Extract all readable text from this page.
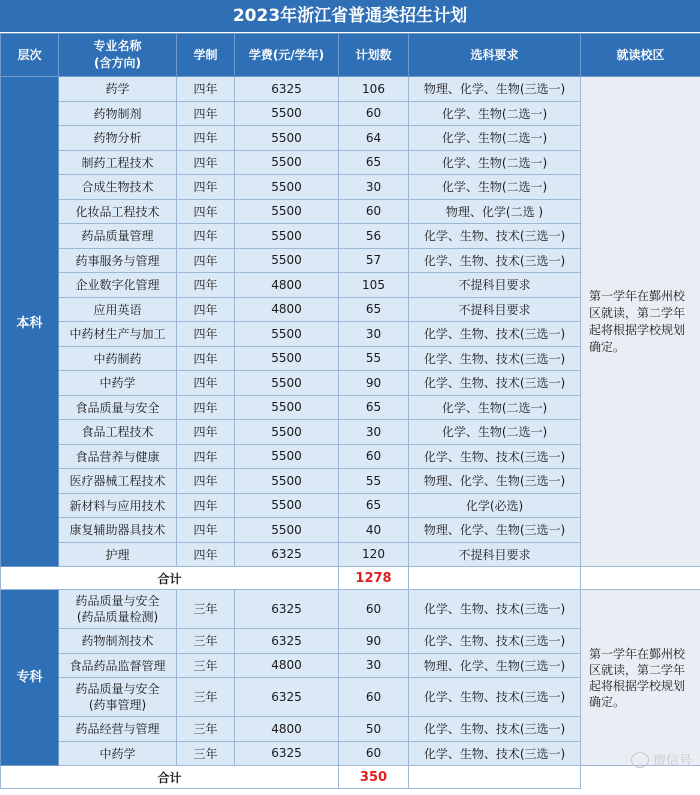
2023年浙江省普通类招生计划
层次	专业名称
(含方向)	学制	学费(元/学年)	计划数	选科要求	就读校区
本科	药学	四年	6325	106	物理、化学、生物(三选一)	第一学年在鄞州校区就读，第二学年起将根据学校规划确定。

	药物制剂	四年	5500	60	化学、生物(二选一)	

	药物分析	四年	5500	64	化学、生物(二选一)	

	制药工程技术	四年	5500	65	化学、生物(二选一)	

	合成生物技术	四年	5500	30	化学、生物(二选一)	

	化妆品工程技术	四年	5500	60	物理、化学(二选 )	

	药品质量管理	四年	5500	56	化学、生物、技术(三选一)	

	药事服务与管理	四年	5500	57	化学、生物、技术(三选一)	

	企业数字化管理	四年	4800	105	不提科目要求	

	应用英语	四年	4800	65	不提科目要求	

	中药材生产与加工	四年	5500	30	化学、生物、技术(三选一)	

	中药制药	四年	5500	55	化学、生物、技术(三选一)	

	中药学	四年	5500	90	化学、生物、技术(三选一)	

	食品质量与安全	四年	5500	65	化学、生物(二选一)	

	食品工程技术	四年	5500	30	化学、生物(二选一)	

	食品营养与健康	四年	5500	60	化学、生物、技术(三选一)	

	医疗器械工程技术	四年	5500	55	物理、化学、生物(三选一)	

	新材料与应用技术	四年	5500	65	化学(必选)	

	康复辅助器具技术	四年	5500	40	物理、化学、生物(三选一)	

	护理	四年	6325	120	不提科目要求	
合计				1278		
专科	药品质量与安全
(药品质量检测)	三年	6325	60	化学、生物、技术(三选一)	第一学年在鄞州校区就读，第二学年起将根据学校规划确定。

	药物制剂技术	三年	6325	90	化学、生物、技术(三选一)	

	食品药品监督管理	三年	4800	30	物理、化学、生物(三选一)	

	药品质量与安全
(药事管理)	三年	6325	60	化学、生物、技术(三选一)	

	药品经营与管理	三年	4800	50	化学、生物、技术(三选一)	

	中药学	三年	6325	60	化学、生物、技术(三选一)	
合计				350		
微信号
